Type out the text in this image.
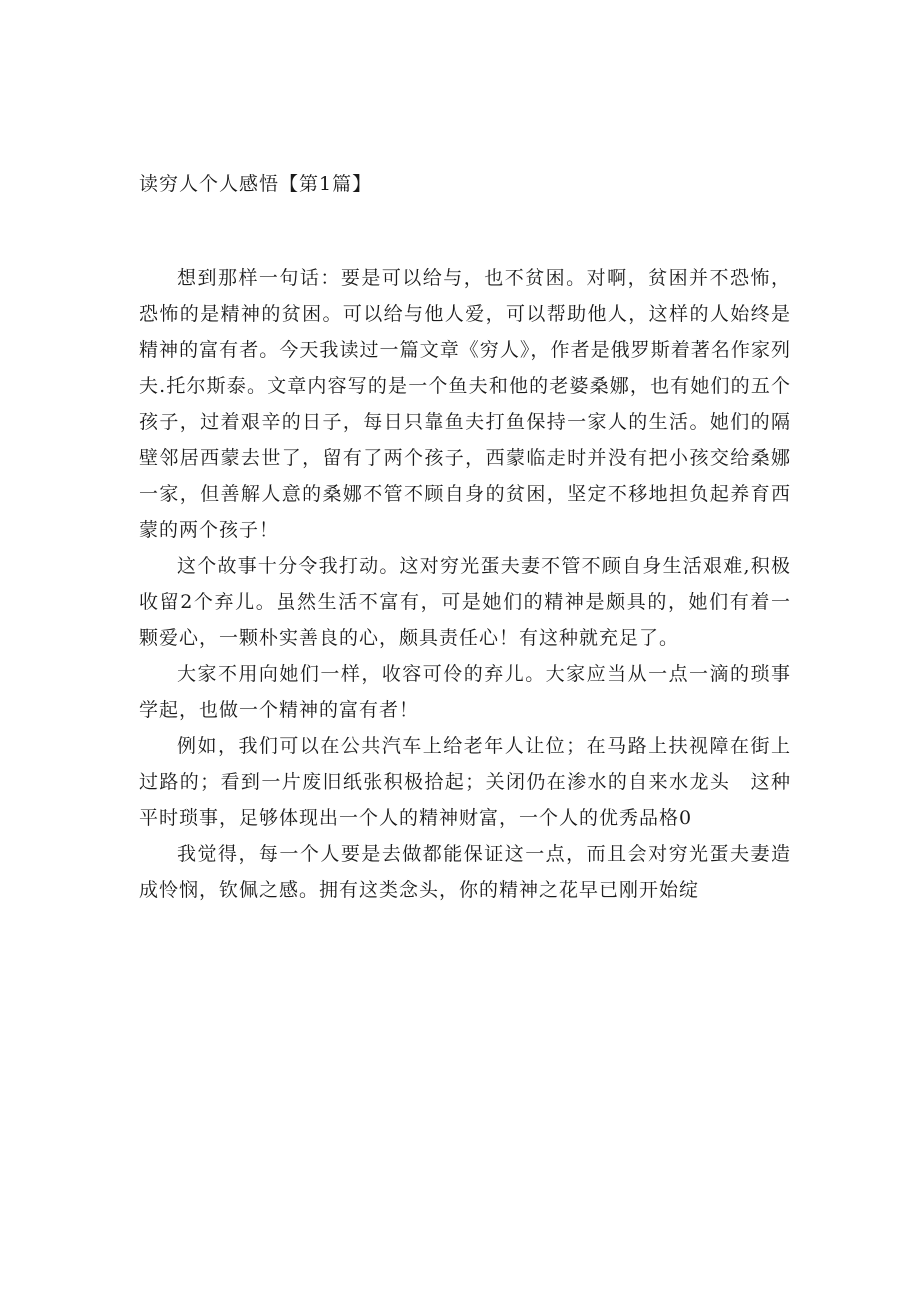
读穷人个人感悟【第1篇】

想到那样一句话：要是可以给与，也不贫困。对啊，贫困并不恐怖，恐怖的是精神的贫困。可以给与他人爱，可以帮助他人，这样的人始终是精神的富有者。今天我读过一篇文章《穷人》，作者是俄罗斯着著名作家列夫.托尔斯泰。文章内容写的是一个鱼夫和他的老婆桑娜，也有她们的五个孩子，过着艰辛的日子，每日只靠鱼夫打鱼保持一家人的生活。她们的隔壁邻居西蒙去世了，留有了两个孩子，西蒙临走时并没有把小孩交给桑娜一家，但善解人意的桑娜不管不顾自身的贫困，坚定不移地担负起养育西蒙的两个孩子！

这个故事十分令我打动。这对穷光蛋夫妻不管不顾自身生活艰难,积极收留2个弃儿。虽然生活不富有，可是她们的精神是颇具的，她们有着一颗爱心，一颗朴实善良的心，颇具责任心！有这种就充足了。

大家不用向她们一样，收容可伶的弃儿。大家应当从一点一滴的琐事学起，也做一个精神的富有者！

例如，我们可以在公共汽车上给老年人让位；在马路上扶视障在街上过路的；看到一片废旧纸张积极拾起；关闭仍在渗水的自来水龙头　这种平时琐事，足够体现出一个人的精神财富，一个人的优秀品格0

我觉得，每一个人要是去做都能保证这一点，而且会对穷光蛋夫妻造成怜悯，钦佩之感。拥有这类念头，你的精神之花早已刚开始绽
